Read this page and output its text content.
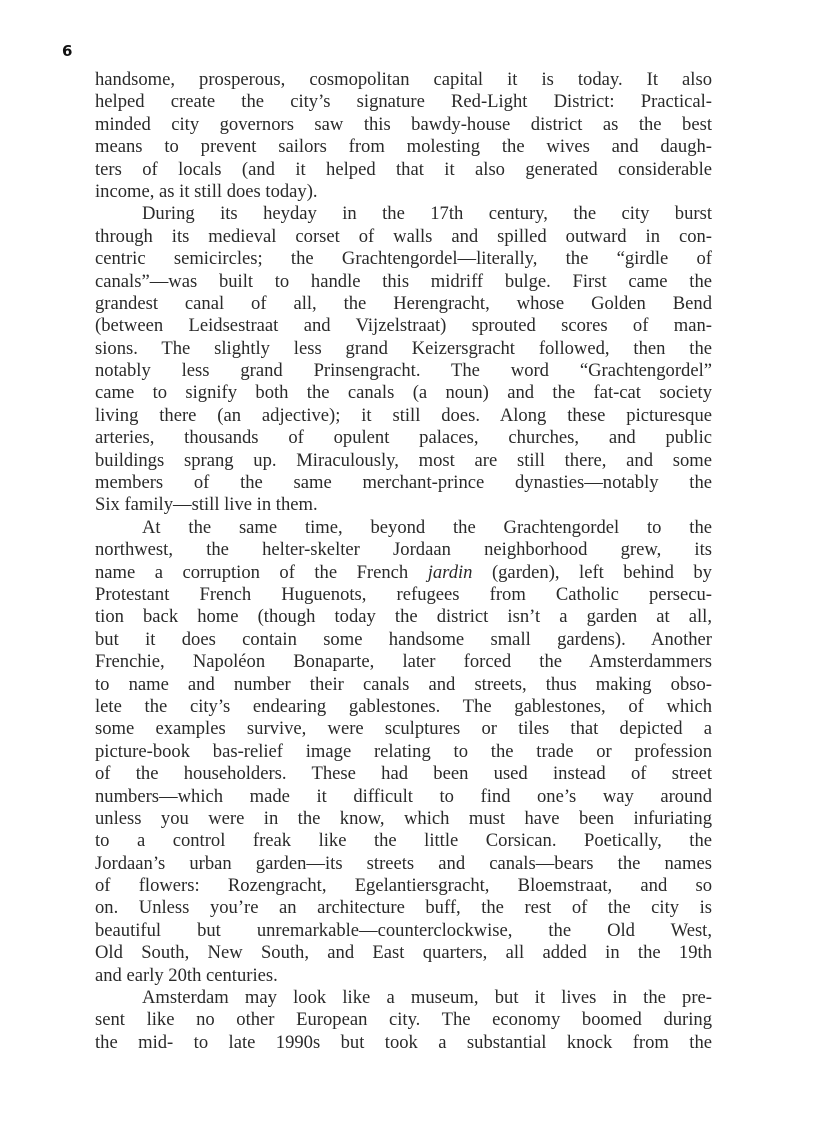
6
handsome, prosperous, cosmopolitan capital it is today. It also
helped create the city’s signature Red-Light District: Practical-
minded city governors saw this bawdy-house district as the best
means to prevent sailors from molesting the wives and daugh-
ters of locals (and it helped that it also generated considerable
income, as it still does today).
During its heyday in the 17th century, the city burst
through its medieval corset of walls and spilled outward in con-
centric semicircles; the Grachtengordel—literally, the “girdle of
canals”—was built to handle this midriff bulge. First came the
grandest canal of all, the Herengracht, whose Golden Bend
(between Leidsestraat and Vijzelstraat) sprouted scores of man-
sions. The slightly less grand Keizersgracht followed, then the
notably less grand Prinsengracht. The word “Grachtengordel”
came to signify both the canals (a noun) and the fat-cat society
living there (an adjective); it still does. Along these picturesque
arteries, thousands of opulent palaces, churches, and public
buildings sprang up. Miraculously, most are still there, and some
members of the same merchant-prince dynasties—notably the
Six family—still live in them.
At the same time, beyond the Grachtengordel to the
northwest, the helter-skelter Jordaan neighborhood grew, its
name a corruption of the French jardin (garden), left behind by
Protestant French Huguenots, refugees from Catholic persecu-
tion back home (though today the district isn’t a garden at all,
but it does contain some handsome small gardens). Another
Frenchie, Napoléon Bonaparte, later forced the Amsterdammers
to name and number their canals and streets, thus making obso-
lete the city’s endearing gablestones. The gablestones, of which
some examples survive, were sculptures or tiles that depicted a
picture-book bas-relief image relating to the trade or profession
of the householders. These had been used instead of street
numbers—which made it difficult to find one’s way around
unless you were in the know, which must have been infuriating
to a control freak like the little Corsican. Poetically, the
Jordaan’s urban garden—its streets and canals—bears the names
of flowers: Rozengracht, Egelantiersgracht, Bloemstraat, and so
on. Unless you’re an architecture buff, the rest of the city is
beautiful but unremarkable—counterclockwise, the Old West,
Old South, New South, and East quarters, all added in the 19th
and early 20th centuries.
Amsterdam may look like a museum, but it lives in the pre-
sent like no other European city. The economy boomed during
the mid- to late 1990s but took a substantial knock from the
